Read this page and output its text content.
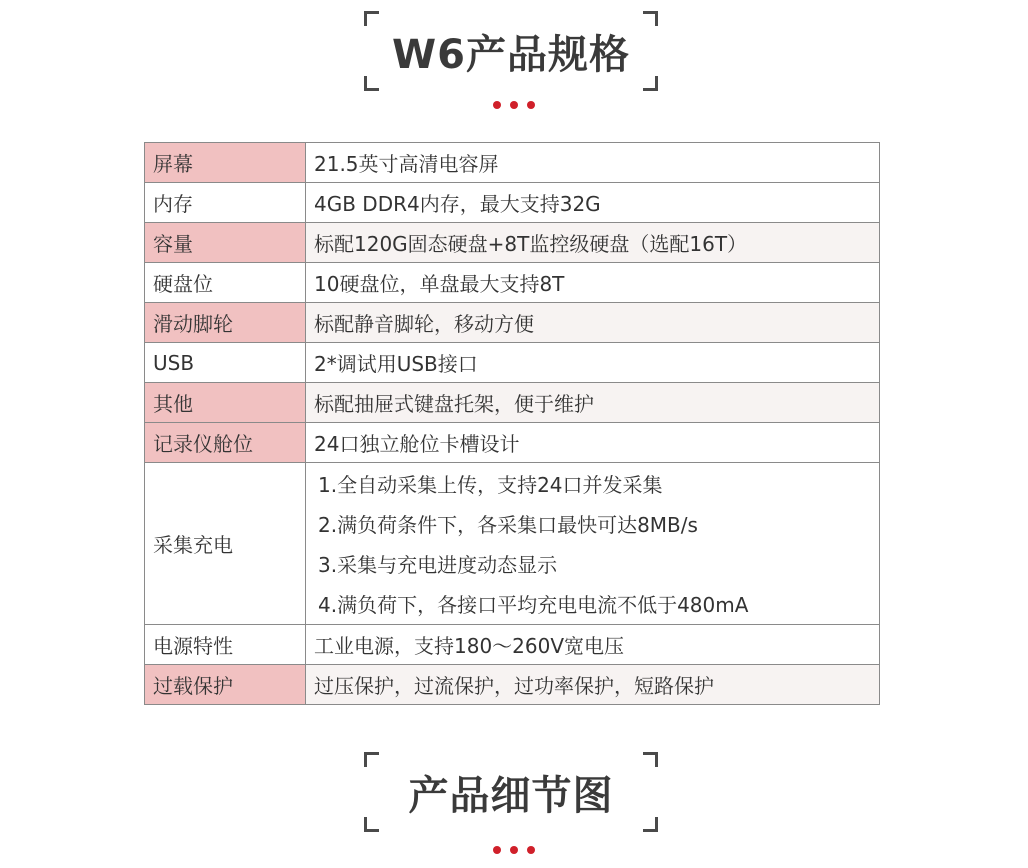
W6产品规格
屏幕	21.5英寸高清电容屏
内存	4GB DDR4内存，最大支持32G
容量	标配120G固态硬盘+8T监控级硬盘（选配16T）
硬盘位	10硬盘位，单盘最大支持8T
滑动脚轮	标配静音脚轮，移动方便
USB	2*调试用USB接口
其他	标配抽屉式键盘托架，便于维护
记录仪舱位	24口独立舱位卡槽设计
采集充电	1.全自动采集上传，支持24口并发采集
2.满负荷条件下，各采集口最快可达8MB/s
3.采集与充电进度动态显示
4.满负荷下，各接口平均充电电流不低于480mA

电源特性	工业电源，支持180～260V宽电压
过载保护	过压保护，过流保护，过功率保护，短路保护
产品细节图
